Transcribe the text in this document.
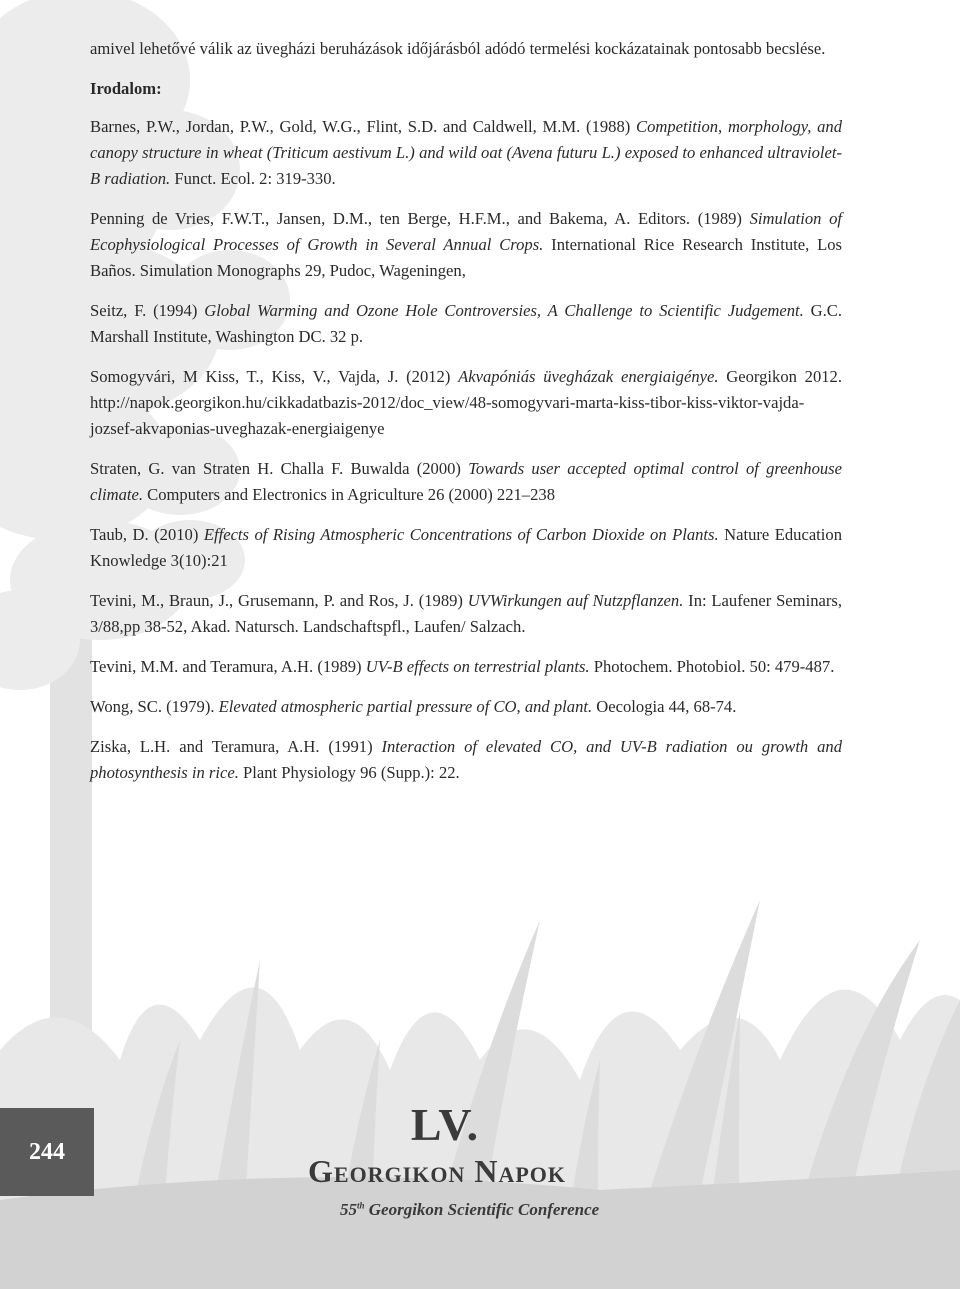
amivel lehetővé válik az üvegházi beruházások időjárásból adódó termelési kockázatainak pontosabb becslése.

Irodalom:

Barnes, P.W., Jordan, P.W., Gold, W.G., Flint, S.D. and Caldwell, M.M. (1988) Competition, morphology, and canopy structure in wheat (Triticum aestivum L.) and wild oat (Avena futuru L.) exposed to enhanced ultraviolet-B radiation. Funct. Ecol. 2: 319-330.

Penning de Vries, F.W.T., Jansen, D.M., ten Berge, H.F.M., and Bakema, A. Editors. (1989) Simulation of Ecophysiological Processes of Growth in Several Annual Crops. International Rice Research Institute, Los Baños. Simulation Monographs 29, Pudoc, Wageningen,

Seitz, F. (1994) Global Warming and Ozone Hole Controversies, A Challenge to Scientific Judgement. G.C. Marshall Institute, Washington DC. 32 p.

Somogyvári, M Kiss, T., Kiss, V., Vajda, J. (2012) Akvapóniás üvegházak energiaigénye. Georgikon 2012. http://napok.georgikon.hu/cikkadatbazis-2012/doc_view/48-somogyvari-marta-kiss-tibor-kiss-viktor-vajda-jozsef-akvaponias-uveghazak-energiaigenye

Straten, G. van Straten H. Challa F. Buwalda (2000) Towards user accepted optimal control of greenhouse climate. Computers and Electronics in Agriculture 26 (2000) 221–238

Taub, D. (2010) Effects of Rising Atmospheric Concentrations of Carbon Dioxide on Plants. Nature Education Knowledge 3(10):21

Tevini, M., Braun, J., Grusemann, P. and Ros, J. (1989) UVWirkungen auf Nutzpflanzen. In: Laufener Seminars, 3/88,pp 38-52, Akad. Natursch. Landschaftspfl., Laufen/ Salzach.

Tevini, M.M. and Teramura, A.H. (1989) UV-B effects on terrestrial plants. Photochem. Photobiol. 50: 479-487.

Wong, SC. (1979). Elevated atmospheric partial pressure of CO, and plant. Oecologia 44, 68-74.

Ziska, L.H. and Teramura, A.H. (1991) Interaction of elevated CO, and UV-B radiation ou growth and photosynthesis in rice. Plant Physiology 96 (Supp.): 22.

244
LV.
Georgikon Napok
55th Georgikon Scientific Conference
